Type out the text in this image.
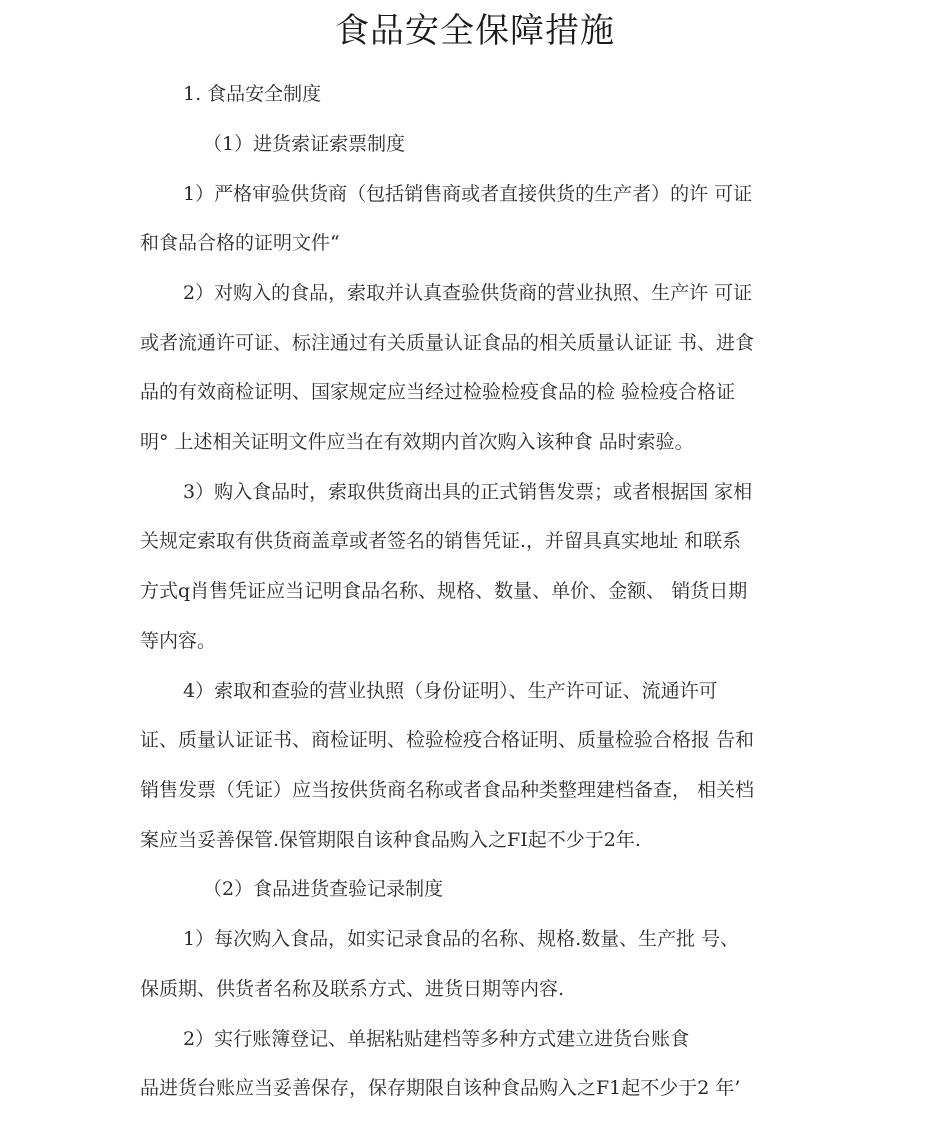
食品安全保障措施
1. 食品安全制度
（1）进货索证索票制度
1）严格审验供货商（包括销售商或者直接供货的生产者）的许 可证
和食品合格的证明文件“
2）对购入的食品，索取并认真查验供货商的营业执照、生产许 可证
或者流通许可证、标注通过有关质量认证食品的相关质量认证证 书、进食
品的有效商检证明、国家规定应当经过检验检疫食品的检 验检疫合格证
明° 上述相关证明文件应当在有效期内首次购入该种食 品时索验。
3）购入食品时，索取供货商出具的正式销售发票；或者根据国 家相
关规定索取有供货商盖章或者签名的销售凭证.，并留具真实地址 和联系
方式q肖售凭证应当记明食品名称、规格、数量、单价、金额、 销货日期
等内容。
4）索取和查验的营业执照（身份证明）、生产许可证、流通许可
证、质量认证证书、商检证明、检验检疫合格证明、质量检验合格报 告和
销售发票（凭证）应当按供货商名称或者食品种类整理建档备查， 相关档
案应当妥善保管.保管期限自该种食品购入之FI起不少于2年.
（2）食品进货查验记录制度
1）每次购入食品，如实记录食品的名称、规格.数量、生产批 号、
保质期、供货者名称及联系方式、进货日期等内容.
2）实行账簿登记、单据粘贴建档等多种方式建立进货台账食
品进货台账应当妥善保存，保存期限自该种食品购入之F1起不少于2 年’
